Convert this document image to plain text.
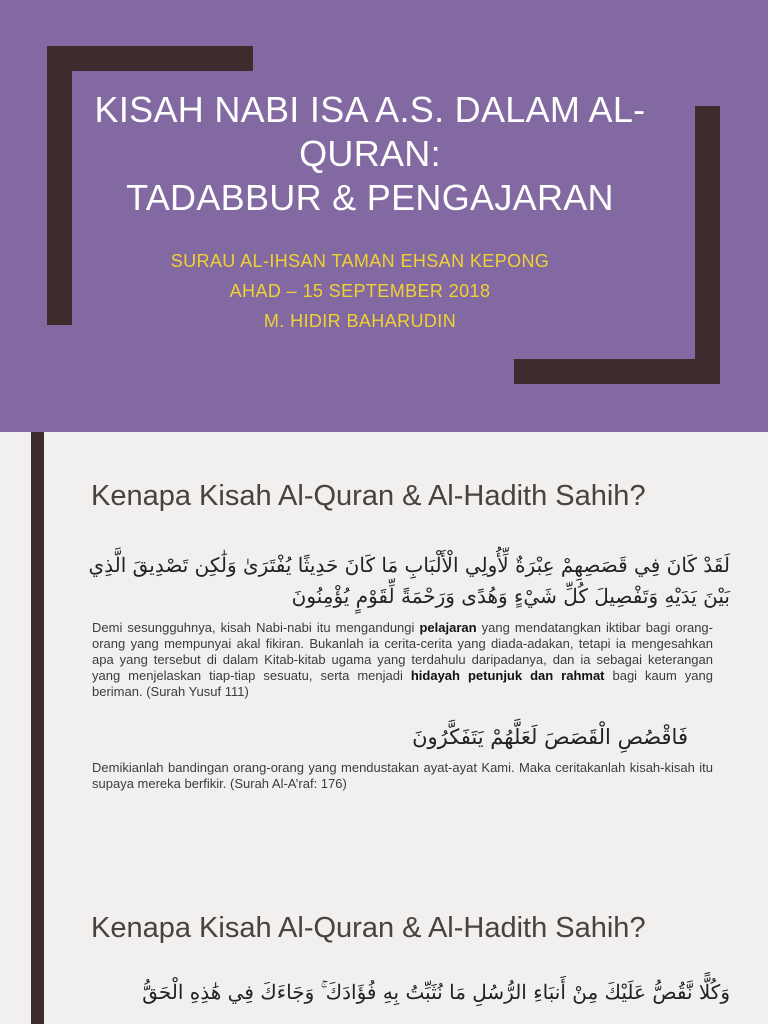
KISAH NABI ISA A.S. DALAM AL-
QURAN:
TADABBUR & PENGAJARAN
SURAU AL-IHSAN TAMAN EHSAN KEPONG
AHAD – 15 SEPTEMBER 2018
M. HIDIR BAHARUDIN
Kenapa Kisah Al-Quran & Al-Hadith Sahih?
لَقَدْ كَانَ فِي قَصَصِهِمْ عِبْرَةٌ لِّأُولِي الْأَلْبَابِ مَا كَانَ حَدِيثًا يُفْتَرَىٰ وَلَٰكِن تَصْدِيقَ الَّذِي بَيْنَ يَدَيْهِ وَتَفْصِيلَ كُلِّ شَيْءٍ وَهُدًى وَرَحْمَةً لِّقَوْمٍ يُؤْمِنُونَ

Demi sesungguhnya, kisah Nabi-nabi itu mengandungi pelajaran yang mendatangkan iktibar bagi orang-orang yang mempunyai akal fikiran. Bukanlah ia cerita-cerita yang diada-adakan, tetapi ia mengesahkan apa yang tersebut di dalam Kitab-kitab ugama yang terdahulu daripadanya, dan ia sebagai keterangan yang menjelaskan tiap-tiap sesuatu, serta menjadi hidayah petunjuk dan rahmat bagi kaum yang beriman. (Surah Yusuf 111)

فَاقْصُصِ الْقَصَصَ لَعَلَّهُمْ يَتَفَكَّرُونَ

Demikianlah bandingan orang-orang yang mendustakan ayat-ayat Kami. Maka ceritakanlah kisah-kisah itu supaya mereka berfikir. (Surah Al-A’raf: 176)

Kenapa Kisah Al-Quran & Al-Hadith Sahih?
وَكُلًّا نَّقُصُّ عَلَيْكَ مِنْ أَنبَاءِ الرُّسُلِ مَا نُثَبِّتُ بِهِ فُؤَادَكَ ۚ وَجَاءَكَ فِي هَٰذِهِ الْحَقُّ
